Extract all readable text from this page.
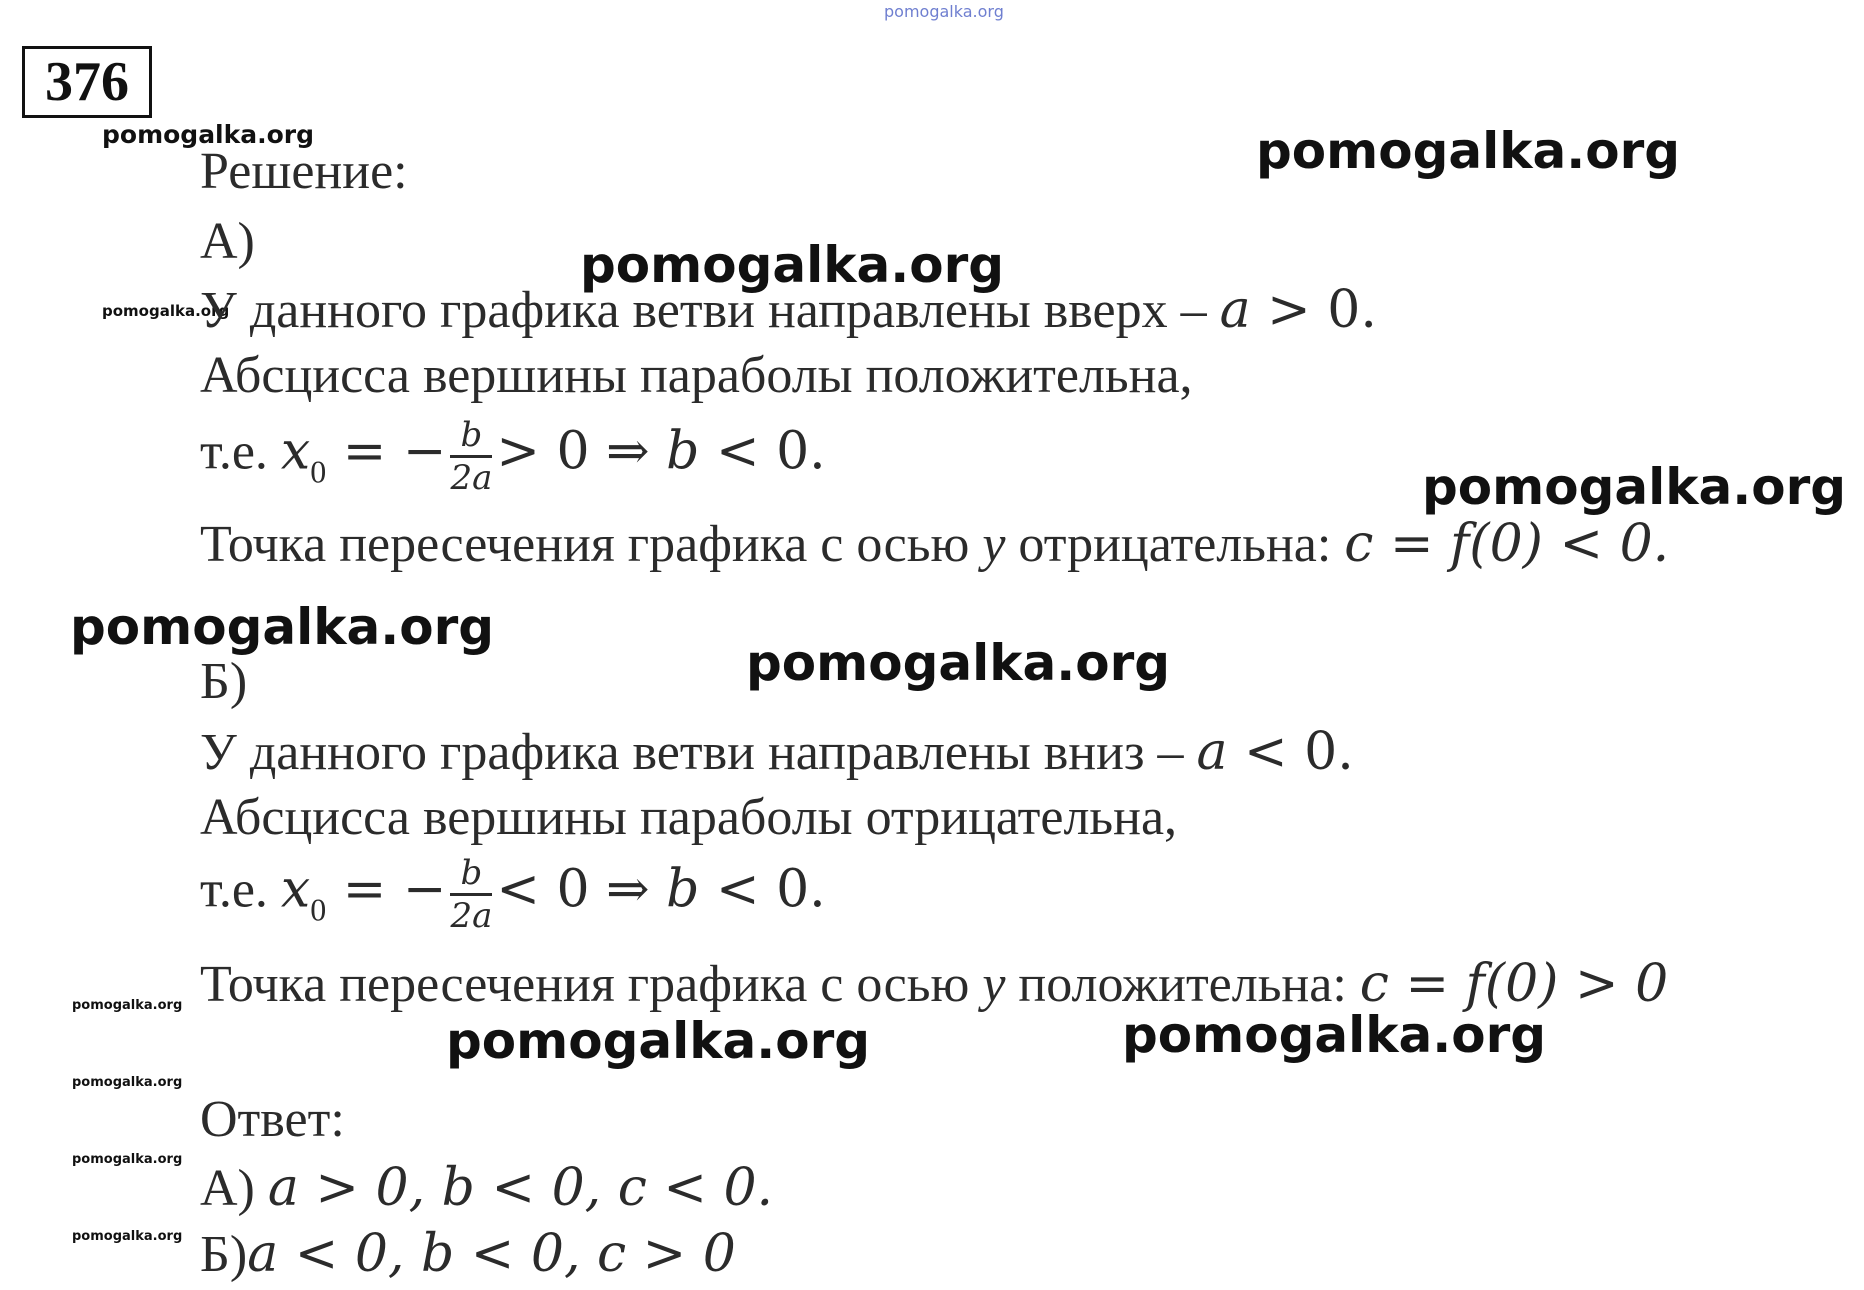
pomogalka.org
376
pomogalka.org	pomogalka.org
pomogalka.org
pomogalka.org
pomogalka.org
pomogalka.org
pomogalka.org
pomogalka.org
pomogalka.org	pomogalka.org
pomogalka.org
pomogalka.org
pomogalka.org
Решение:
А)
У данного графика ветви направлены вверх – a > 0.
Абсцисса вершины параболы положительна,
т.е. $x_0$ = − $\frac{b}{2a} > 0$ ⇒ b < 0.
Точка пересечения графика с осью y отрицательна: c = f(0) < 0.
Б)
У данного графика ветви направлены вниз – a < 0.
Абсцисса вершины параболы отрицательна,
т.е. $x_0$ = − $\frac{b}{2a} < 0$ ⇒ b < 0.
Точка пересечения графика с осью y положительна: c = f(0) > 0
Ответ:
А) a > 0, b < 0, c < 0.
Б)a < 0, b < 0, c > 0
